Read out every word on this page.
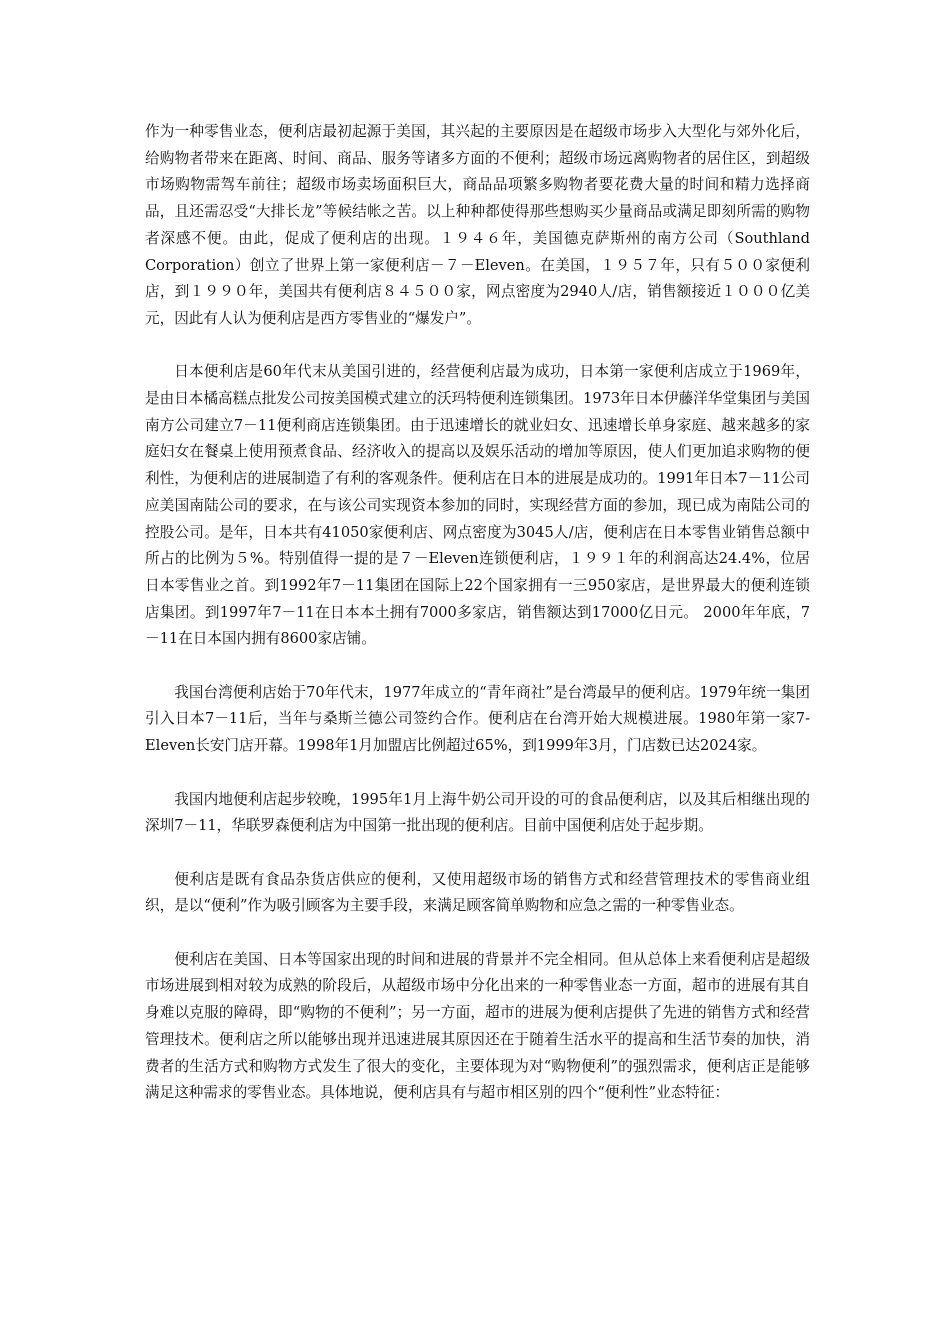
作为一种零售业态，便利店最初起源于美国，其兴起的主要原因是在超级市场步入大型化与郊外化后，给购物者带来在距离、时间、商品、服务等诸多方面的不便利；超级市场远离购物者的居住区，到超级市场购物需驾车前往；超级市场卖场面积巨大，商品品项繁多购物者要花费大量的时间和精力选择商品，且还需忍受“大排长龙”等候结帐之苦。以上种种都使得那些想购买少量商品或满足即刻所需的购物者深感不便。由此，促成了便利店的出现。１９４６年，美国德克萨斯州的南方公司（Southland Corporation）创立了世界上第一家便利店－７－Eleven。在美国，１９５７年，只有５００家便利店，到１９９０年，美国共有便利店８４５００家，网点密度为2940人/店，销售额接近１０００亿美元，因此有人认为便利店是西方零售业的“爆发户”。

日本便利店是60年代末从美国引进的，经营便利店最为成功，日本第一家便利店成立于1969年，是由日本橘高糕点批发公司按美国模式建立的沃玛特便利连锁集团。1973年日本伊藤洋华堂集团与美国南方公司建立7－11便利商店连锁集团。由于迅速增长的就业妇女、迅速增长单身家庭、越来越多的家庭妇女在餐桌上使用预煮食品、经济收入的提高以及娱乐活动的增加等原因，使人们更加追求购物的便利性，为便利店的进展制造了有利的客观条件。便利店在日本的进展是成功的。1991年日本7－11公司应美国南陆公司的要求，在与该公司实现资本参加的同时，实现经营方面的参加，现已成为南陆公司的控股公司。是年，日本共有41050家便利店、网点密度为3045人/店，便利店在日本零售业销售总额中所占的比例为５%。特别值得一提的是７－Eleven连锁便利店，１９９１年的利润高达24.4%，位居日本零售业之首。到1992年7－11集团在国际上22个国家拥有一三950家店，是世界最大的便利连锁店集团。到1997年7－11在日本本土拥有7000多家店，销售额达到17000亿日元。 2000年年底，7－11在日本国内拥有8600家店铺。

我国台湾便利店始于70年代末，1977年成立的“青年商社”是台湾最早的便利店。1979年统一集团引入日本7－11后，当年与桑斯兰德公司签约合作。便利店在台湾开始大规模进展。1980年第一家7- Eleven长安门店开幕。1998年1月加盟店比例超过65%，到1999年3月，门店数已达2024家。

我国内地便利店起步较晚，1995年1月上海牛奶公司开设的可的食品便利店，以及其后相继出现的深圳7－11，华联罗森便利店为中国第一批出现的便利店。目前中国便利店处于起步期。

便利店是既有食品杂货店供应的便利，又使用超级市场的销售方式和经营管理技术的零售商业组织，是以“便利”作为吸引顾客为主要手段，来满足顾客简单购物和应急之需的一种零售业态。

便利店在美国、日本等国家出现的时间和进展的背景并不完全相同。但从总体上来看便利店是超级市场进展到相对较为成熟的阶段后，从超级市场中分化出来的一种零售业态一方面，超市的进展有其自身难以克服的障碍，即“购物的不便利”；另一方面，超市的进展为便利店提供了先进的销售方式和经营管理技术。便利店之所以能够出现并迅速进展其原因还在于随着生活水平的提高和生活节奏的加快，消费者的生活方式和购物方式发生了很大的变化，主要体现为对“购物便利”的强烈需求，便利店正是能够满足这种需求的零售业态。具体地说，便利店具有与超市相区别的四个“便利性”业态特征：
